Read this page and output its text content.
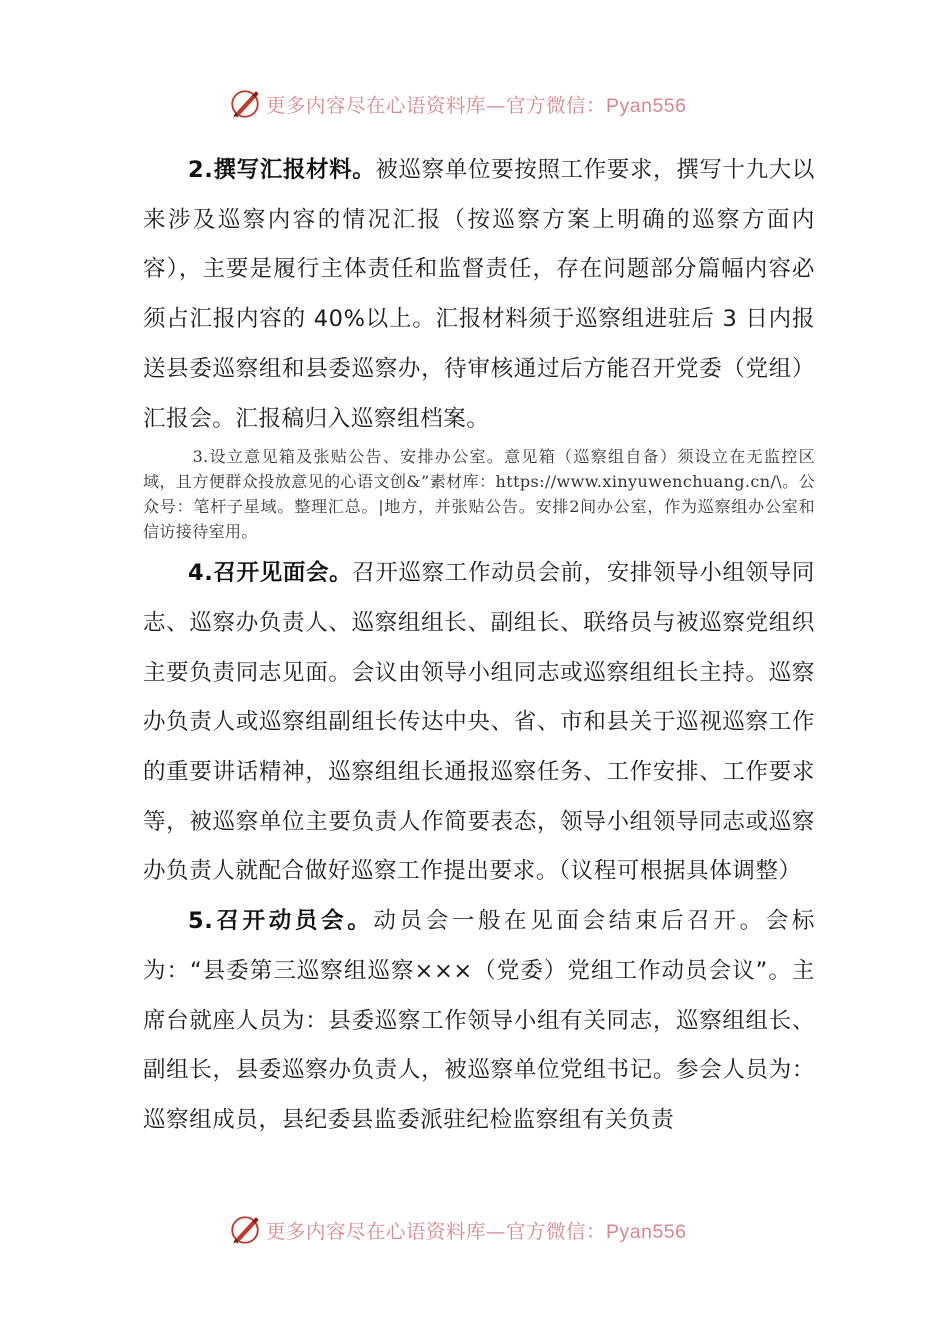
更多内容尽在心语资料库—官方微信：Pyan556

2.撰写汇报材料。被巡察单位要按照工作要求，撰写十九大以来涉及巡察内容的情况汇报（按巡察方案上明确的巡察方面内容），主要是履行主体责任和监督责任，存在问题部分篇幅内容必须占汇报内容的 40%以上。汇报材料须于巡察组进驻后 3 日内报送县委巡察组和县委巡察办，待审核通过后方能召开党委（党组）汇报会。汇报稿归入巡察组档案。

3.设立意见箱及张贴公告、安排办公室。意见箱（巡察组自备）须设立在无监控区域，且方便群众投放意见的心语文创&”素材库：https://www.xinyuwenchuang.cn/\。公众号：笔杆子星域。整理汇总。|地方，并张贴公告。安排2间办公室，作为巡察组办公室和信访接待室用。

4.召开见面会。召开巡察工作动员会前，安排领导小组领导同志、巡察办负责人、巡察组组长、副组长、联络员与被巡察党组织主要负责同志见面。会议由领导小组同志或巡察组组长主持。巡察办负责人或巡察组副组长传达中央、省、市和县关于巡视巡察工作的重要讲话精神，巡察组组长通报巡察任务、工作安排、工作要求等，被巡察单位主要负责人作简要表态，领导小组领导同志或巡察办负责人就配合做好巡察工作提出要求。（议程可根据具体调整）

5.召开动员会。动员会一般在见面会结束后召开。会标为：“县委第三巡察组巡察×××（党委）党组工作动员会议”。主席台就座人员为：县委巡察工作领导小组有关同志，巡察组组长、副组长，县委巡察办负责人，被巡察单位党组书记。参会人员为：巡察组成员，县纪委县监委派驻纪检监察组有关负责

更多内容尽在心语资料库—官方微信：Pyan556
